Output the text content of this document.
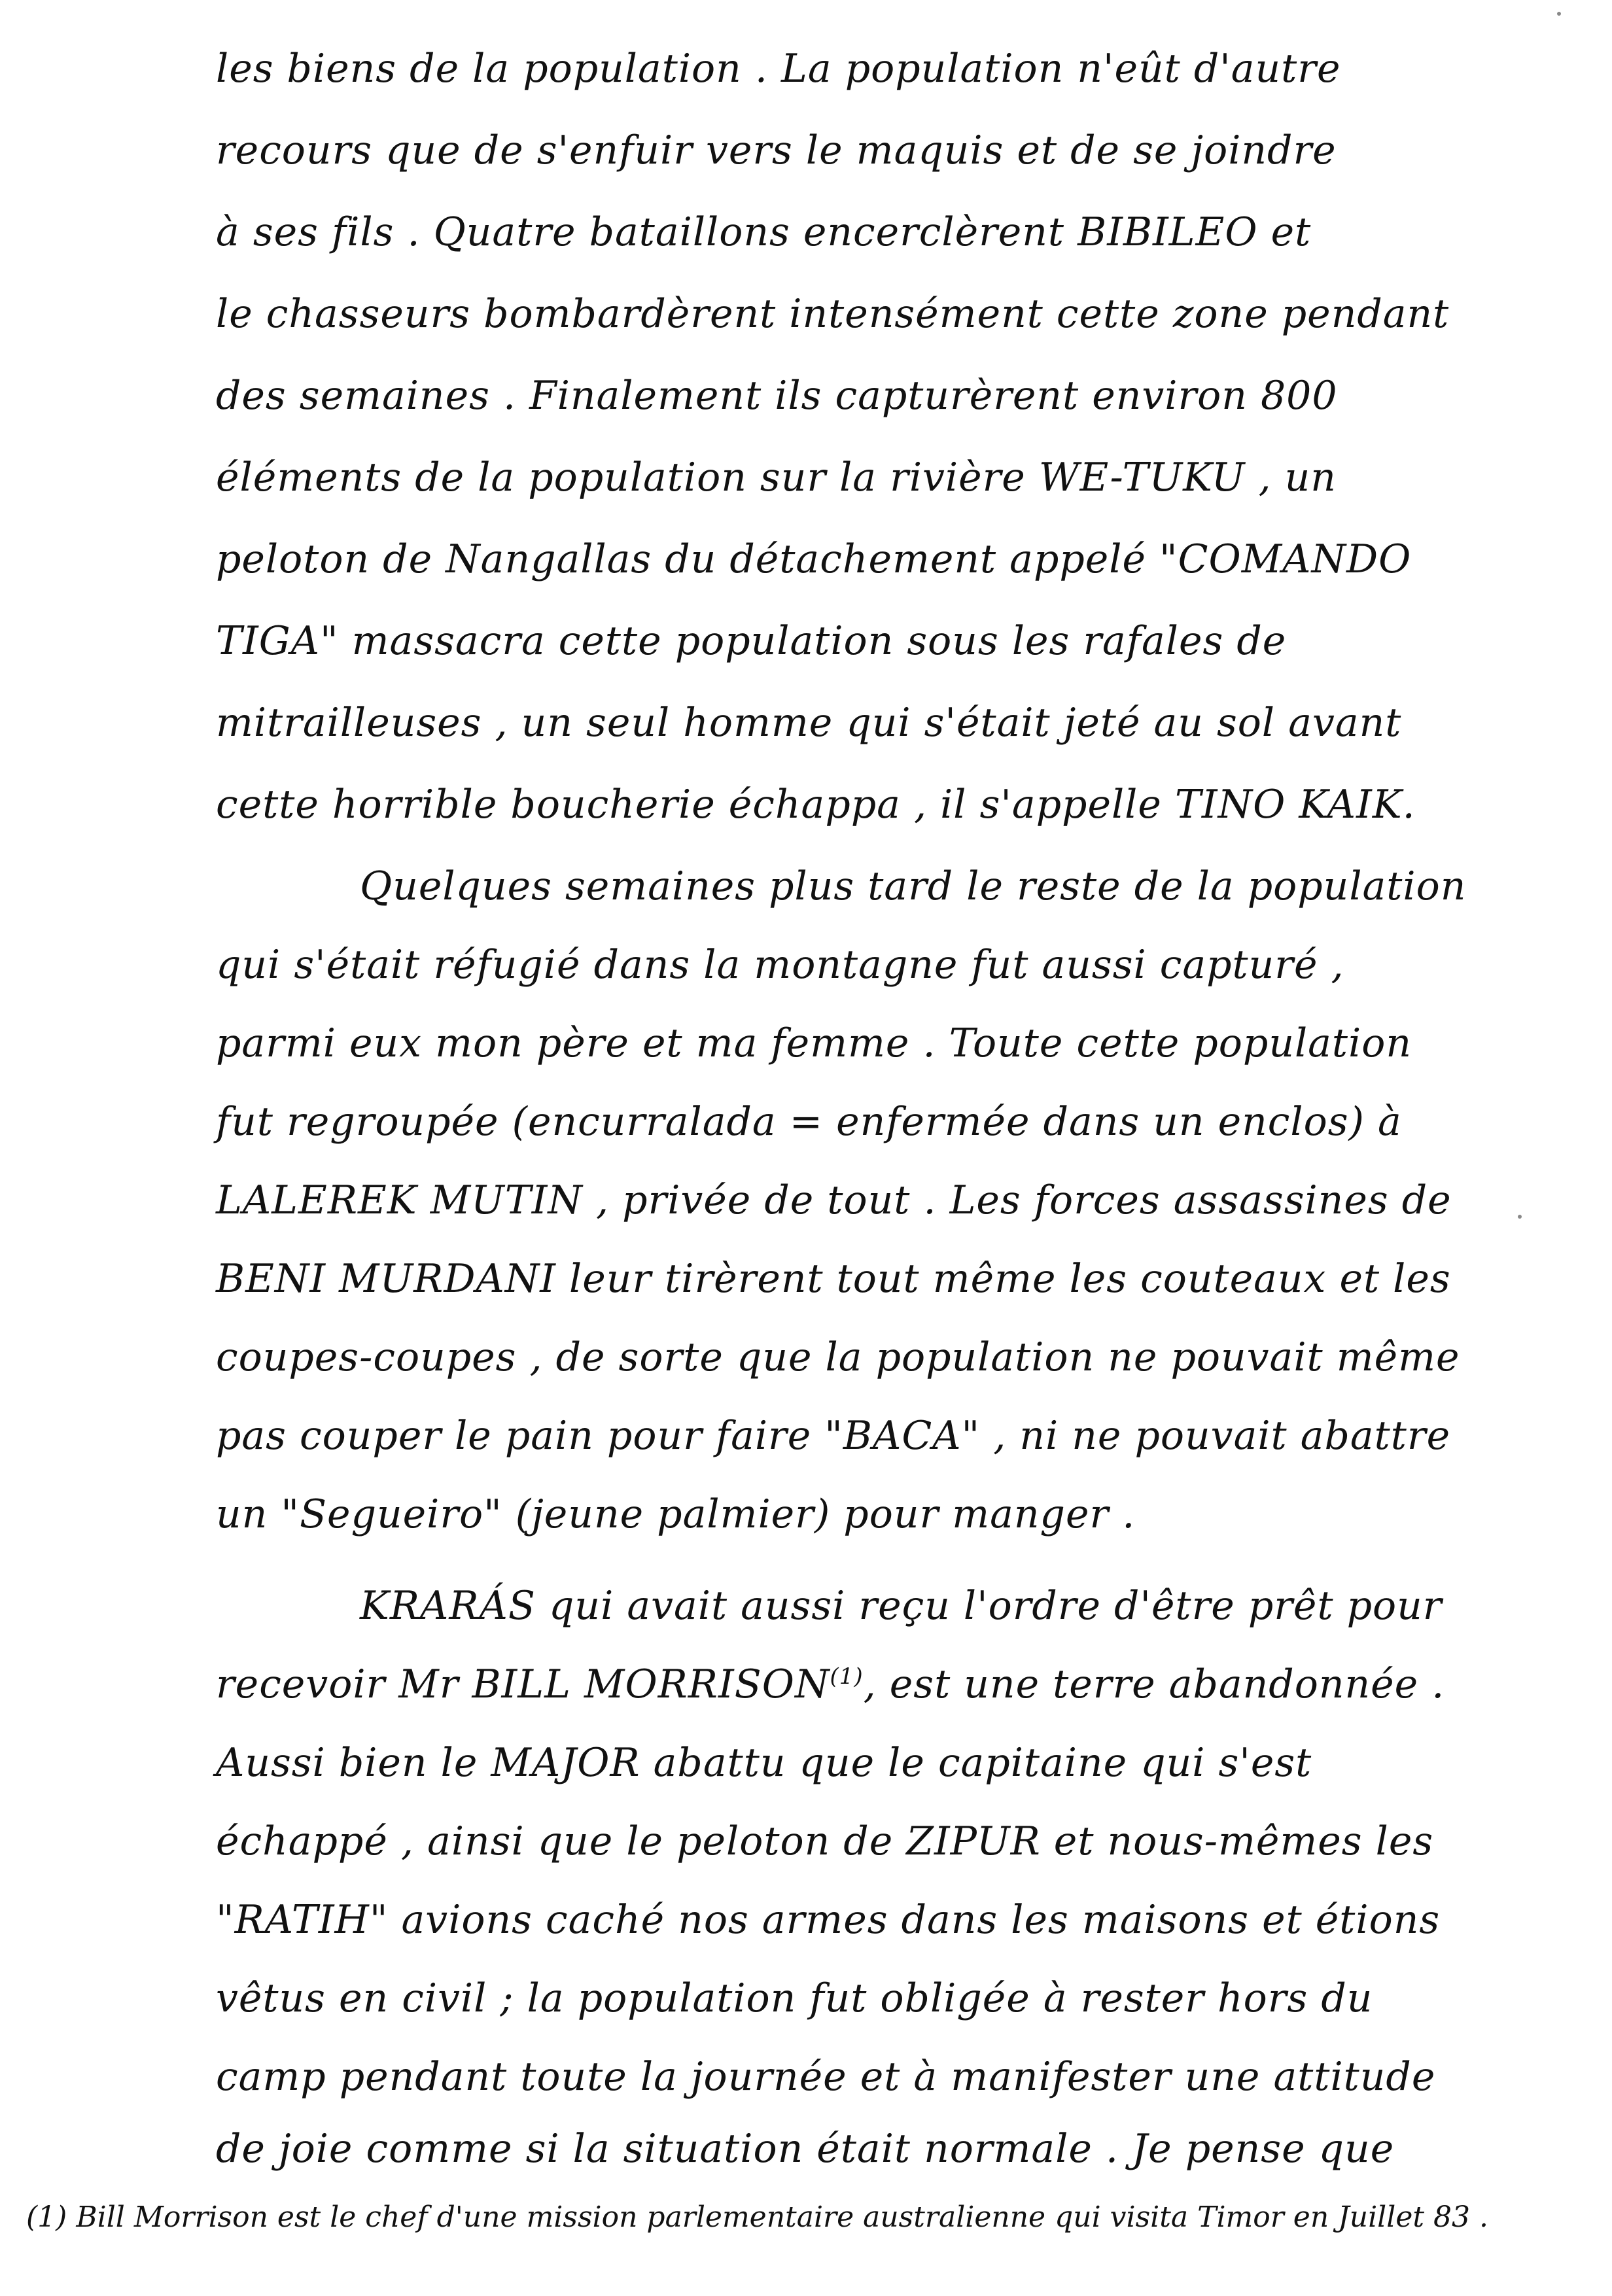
les biens de la population . La population n'eût d'autre
recours que de s'enfuir vers le maquis et de se joindre
à ses fils . Quatre bataillons encerclèrent BIBILEO et
le chasseurs bombardèrent intensément cette zone pendant
des semaines . Finalement ils capturèrent environ 800
éléments de la population sur la rivière WE-TUKU , un
peloton de Nangallas du détachement appelé "COMANDO
TIGA" massacra cette population sous les rafales de
mitrailleuses , un seul homme qui s'était jeté au sol avant
cette horrible boucherie échappa , il s'appelle TINO KAIK.
Quelques semaines plus tard le reste de la population
qui s'était réfugié dans la montagne fut aussi capturé ,
parmi eux mon père et ma femme . Toute cette population
fut regroupée (encurralada = enfermée dans un enclos) à
LALEREK MUTIN , privée de tout . Les forces assassines de
BENI MURDANI leur tirèrent tout même les couteaux et les
coupes-coupes , de sorte que la population ne pouvait même
pas couper le pain pour faire "BACA" , ni ne pouvait abattre
un "Segueiro" (jeune palmier) pour manger .
KRARÁS qui avait aussi reçu l'ordre d'être prêt pour
recevoir Mr BILL MORRISON$^{(1)}$, est une terre abandonnée .
Aussi bien le MAJOR abattu que le capitaine qui s'est
échappé , ainsi que le peloton de ZIPUR et nous-mêmes les
"RATIH" avions caché nos armes dans les maisons et étions
vêtus en civil ; la population fut obligée à rester hors du
camp pendant toute la journée et à manifester une attitude
de joie comme si la situation était normale . Je pense que
(1) Bill Morrison est le chef d'une mission parlementaire australienne qui visita Timor en Juillet 83 .
